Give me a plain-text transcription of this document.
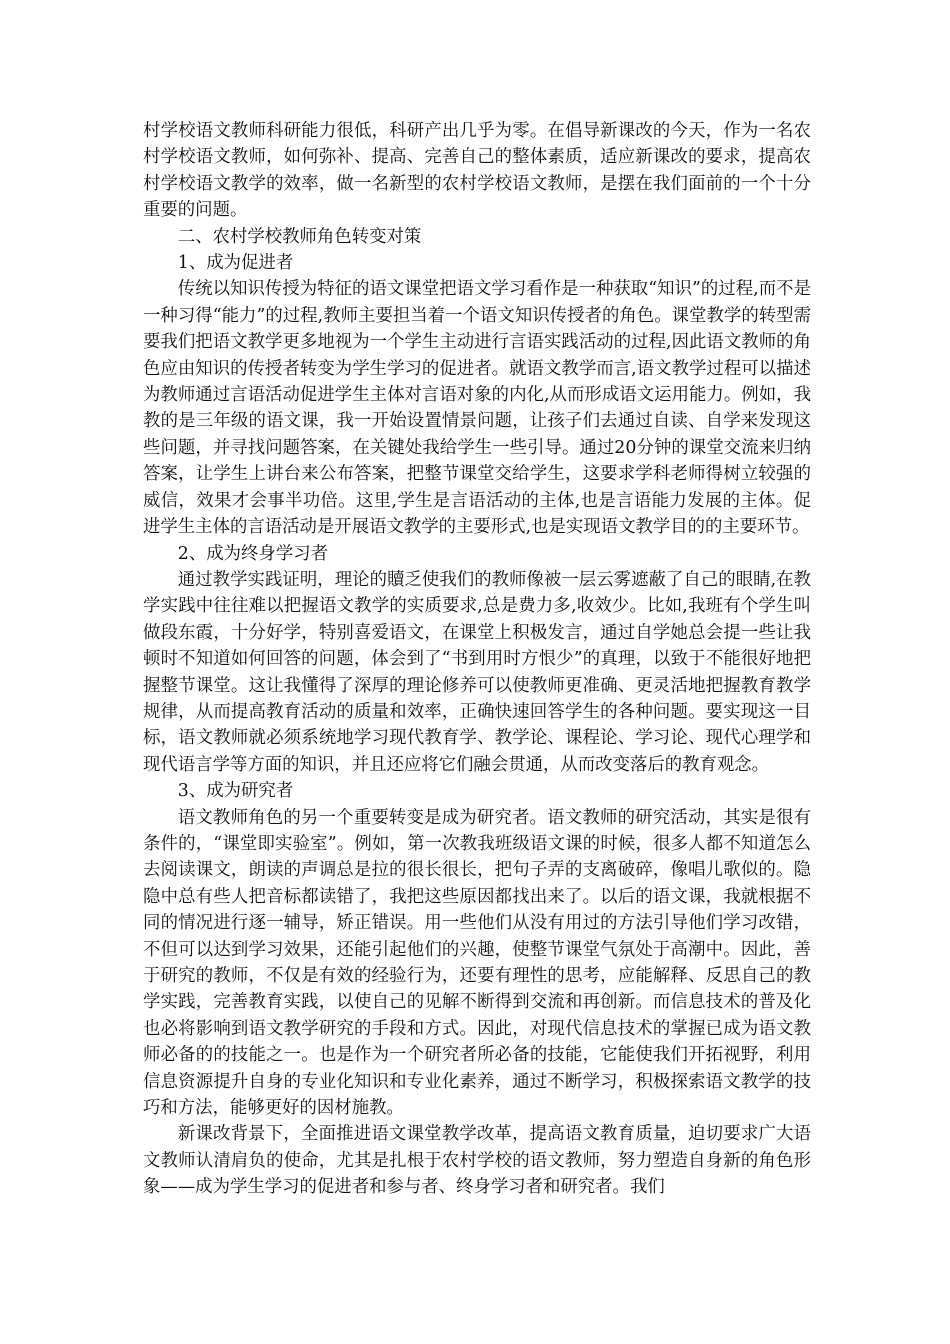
村学校语文教师科研能力很低，科研产出几乎为零。在倡导新课改的今天，作为一名农村学校语文教师，如何弥补、提高、完善自己的整体素质，适应新课改的要求，提高农村学校语文教学的效率，做一名新型的农村学校语文教师，是摆在我们面前的一个十分重要的问题。

二、农村学校教师角色转变对策

1、成为促进者

传统以知识传授为特征的语文课堂把语文学习看作是一种获取“知识”的过程,而不是一种习得“能力”的过程,教师主要担当着一个语文知识传授者的角色。课堂教学的转型需要我们把语文教学更多地视为一个学生主动进行言语实践活动的过程,因此语文教师的角色应由知识的传授者转变为学生学习的促进者。就语文教学而言,语文教学过程可以描述为教师通过言语活动促进学生主体对言语对象的内化,从而形成语文运用能力。例如，我教的是三年级的语文课，我一开始设置情景问题，让孩子们去通过自读、自学来发现这些问题，并寻找问题答案，在关键处我给学生一些引导。通过20分钟的课堂交流来归纳答案，让学生上讲台来公布答案，把整节课堂交给学生，这要求学科老师得树立较强的威信，效果才会事半功倍。这里,学生是言语活动的主体,也是言语能力发展的主体。促进学生主体的言语活动是开展语文教学的主要形式,也是实现语文教学目的的主要环节。

2、成为终身学习者

通过教学实践证明，理论的贖乏使我们的教师像被一层云雾遮蔽了自己的眼睛,在教学实践中往往难以把握语文教学的实质要求,总是费力多,收效少。比如,我班有个学生叫做段东霞，十分好学，特别喜爱语文，在课堂上积极发言，通过自学她总会提一些让我顿时不知道如何回答的问题，体会到了“书到用时方恨少”的真理，以致于不能很好地把握整节课堂。这让我懂得了深厚的理论修养可以使教师更准确、更灵活地把握教育教学规律，从而提高教育活动的质量和效率，正确快速回答学生的各种问题。要实现这一目标，语文教师就必须系统地学习现代教育学、教学论、课程论、学习论、现代心理学和现代语言学等方面的知识，并且还应将它们融会贯通，从而改变落后的教育观念。

3、成为研究者

语文教师角色的另一个重要转变是成为研究者。语文教师的研究活动，其实是很有条件的，“课堂即实验室”。例如，第一次教我班级语文课的时候，很多人都不知道怎么去阅读课文，朗读的声调总是拉的很长很长，把句子弄的支离破碎，像唱儿歌似的。隐隐中总有些人把音标都读错了，我把这些原因都找出来了。以后的语文课，我就根据不同的情况进行逐一辅导，矫正错误。用一些他们从没有用过的方法引导他们学习改错，不但可以达到学习效果，还能引起他们的兴趣，使整节课堂气氛处于高潮中。因此，善于研究的教师，不仅是有效的经验行为，还要有理性的思考，应能解释、反思自己的教学实践，完善教育实践，以使自己的见解不断得到交流和再创新。而信息技术的普及化也必将影响到语文教学研究的手段和方式。因此，对现代信息技术的掌握已成为语文教师必备的的技能之一。也是作为一个研究者所必备的技能，它能使我们开拓视野，利用信息资源提升自身的专业化知识和专业化素养，通过不断学习，积极探索语文教学的技巧和方法，能够更好的因材施教。

新课改背景下，全面推进语文课堂教学改革，提高语文教育质量，迫切要求广大语文教师认清肩负的使命，尤其是扎根于农村学校的语文教师，努力塑造自身新的角色形象——成为学生学习的促进者和参与者、终身学习者和研究者。我们
